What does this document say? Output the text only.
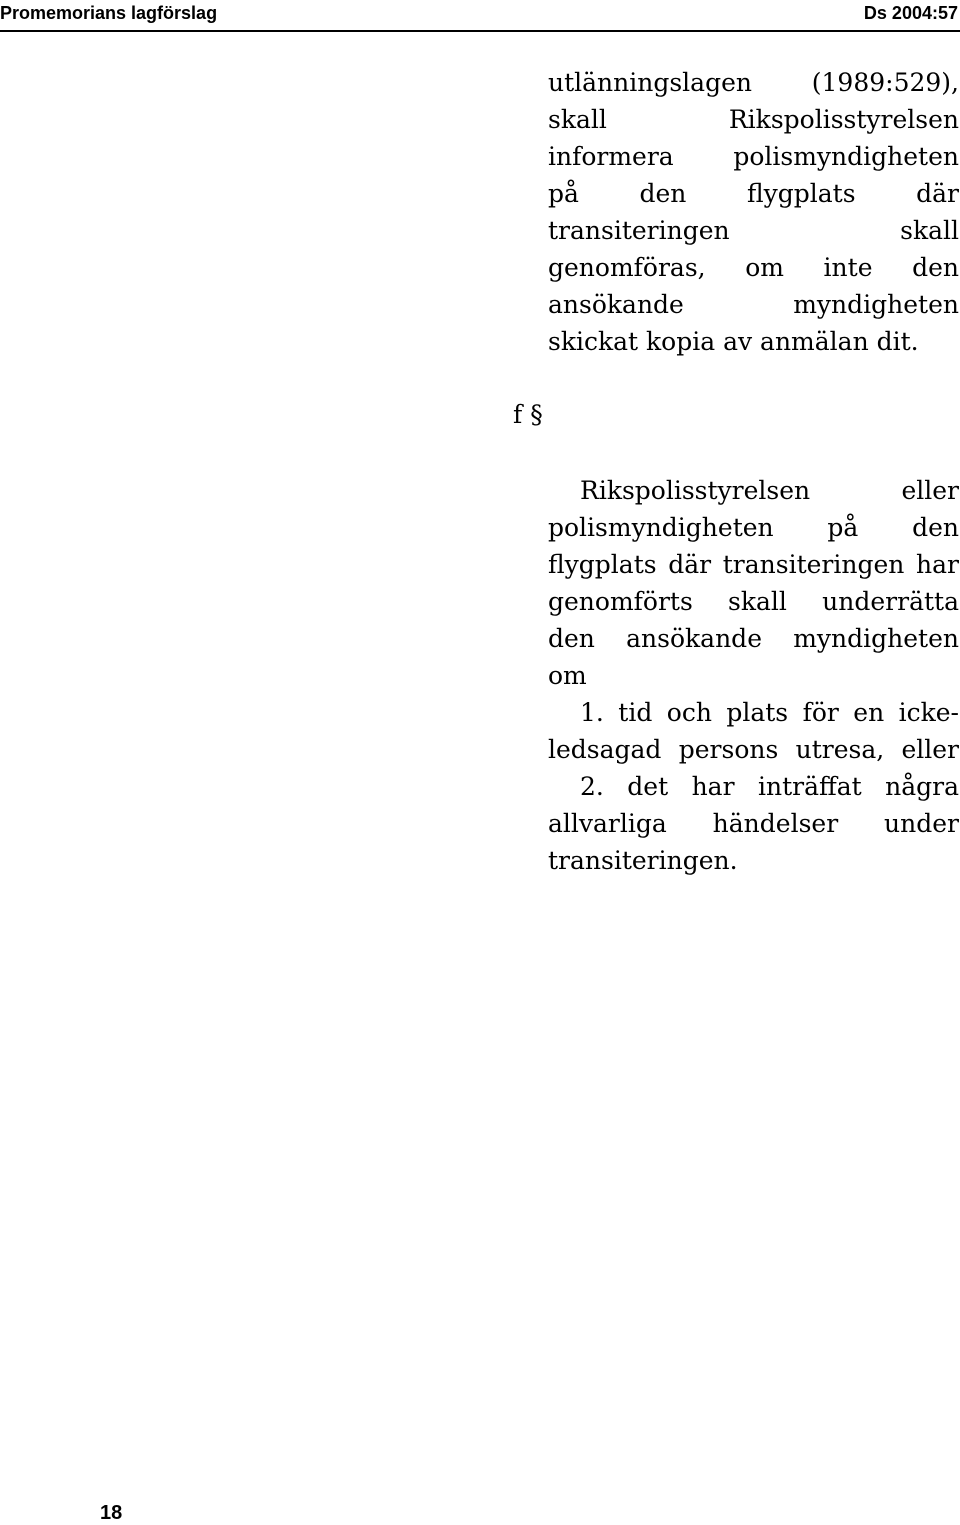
Promemorians lagförslag	Ds 2004:57
utlänningslagen (1989:529),
skall Rikspolisstyrelsen
informera polismyndigheten
på den flygplats där
transiteringen skall
genomföras, om inte den
ansökande myndigheten
skickat kopia av anmälan dit.
f §
Rikspolisstyrelsen eller
polismyndigheten på den
flygplats där transiteringen har
genomförts skall underrätta
den ansökande myndigheten
om
1. tid och plats för en icke-
ledsagad persons utresa, eller
2. det har inträffat några
allvarliga händelser under
transiteringen.
18
